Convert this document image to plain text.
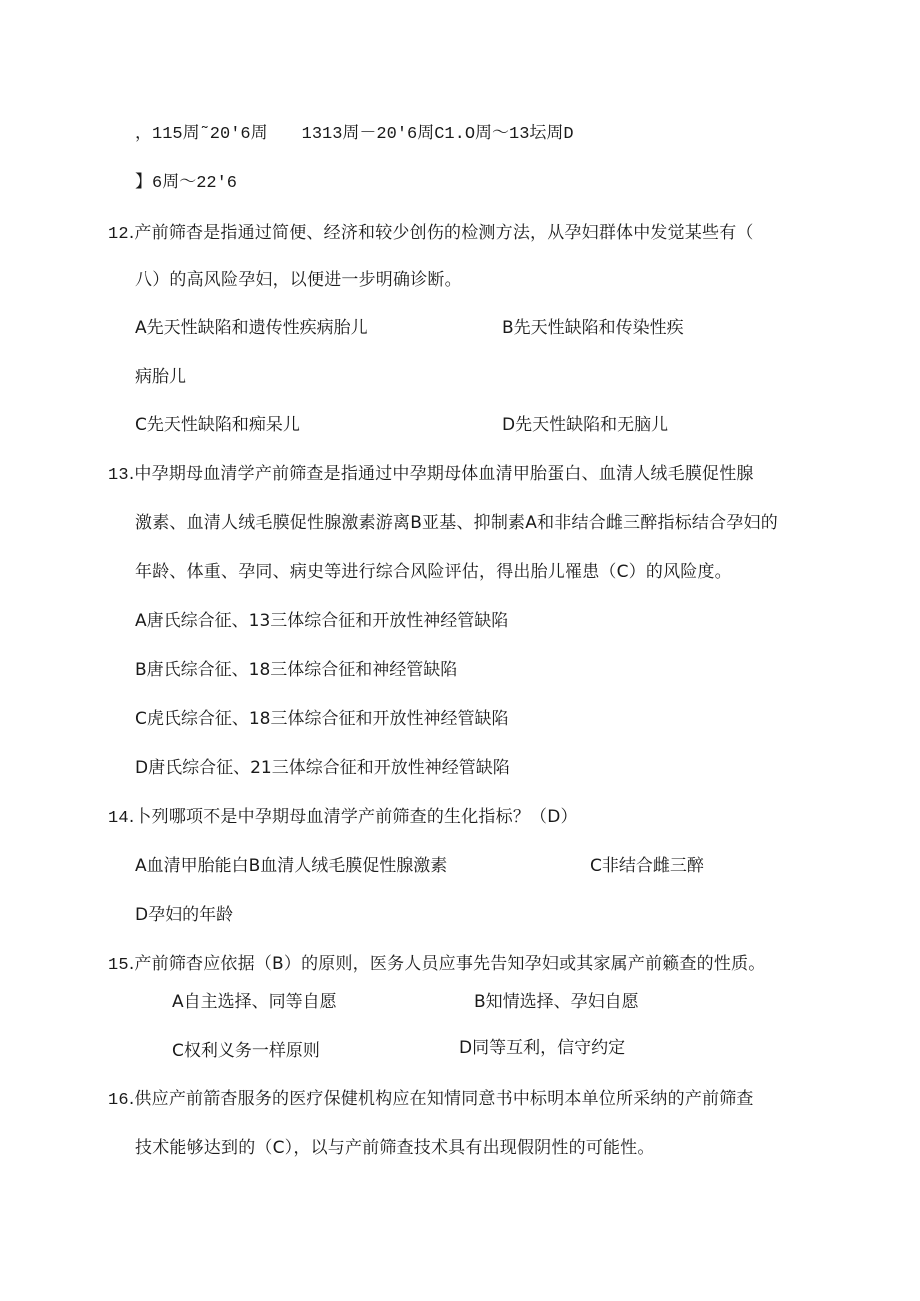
，115周˜20'6周　　1313周－20'6周C1.O周～13坛周D
】6周～22'6
12.产前筛杳是指通过简便、经济和较少创伤的检测方法，从孕妇群体中发觉某些有（
八）的高风险孕妇，以便进一步明确诊断。
A先天性缺陷和遗传性疾病胎儿	B先天性缺陷和传染性疾
病胎儿
C先天性缺陷和痴呆儿	D先天性缺陷和无脑儿
13.中孕期母血清学产前筛查是指通过中孕期母体血清甲胎蛋白、血清人绒毛膜促性腺
激素、血清人绒毛膜促性腺激素游离B亚基、抑制素A和非结合雌三醉指标结合孕妇的
年龄、体重、孕同、病史等进行综合风险评估，得出胎儿罹患（C）的风险度。
A唐氏综合征、13三体综合征和开放性神经管缺陷
B唐氏综合征、18三体综合征和神经管缺陷
C虎氏综合征、18三体综合征和开放性神经管缺陷
D唐氏综合征、21三体综合征和开放性神经管缺陷
14.卜列哪项不是中孕期母血清学产前筛查的生化指标？（D）
A血清甲胎能白B血清人绒毛膜促性腺激素	C非结合雌三醉
D孕妇的年龄
15.产前筛杳应依据（B）的原则，医务人员应事先告知孕妇或其家属产前籁查的性质。
A自主选择、同等自愿	B知情选择、孕妇自愿
C权利义务一样原则	D同等互利，信守约定
16.供应产前箭杳服务的医疗保健机构应在知情同意书中标明本单位所采纳的产前筛查
技术能够达到的（C），以与产前筛查技术具有出现假阴性的可能性。
